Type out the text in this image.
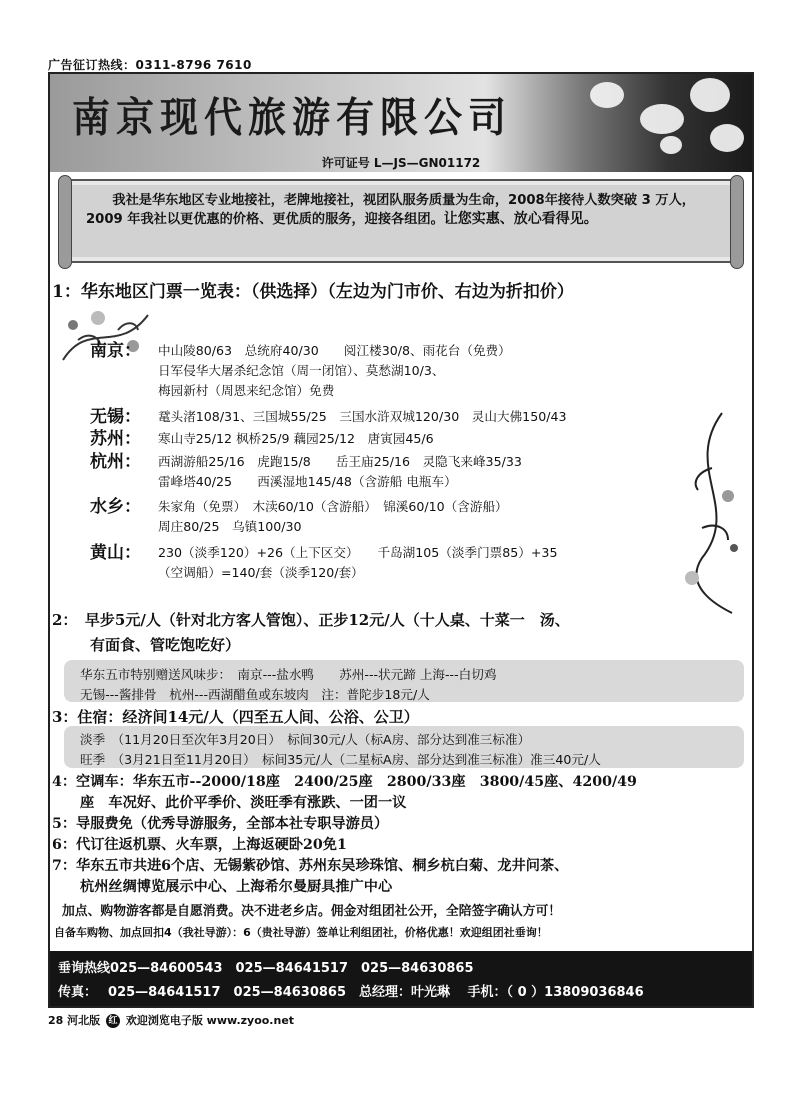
广告征订热线：0311-8796 7610
南京现代旅游有限公司
许可证号 L—JS—GN01172
我社是华东地区专业地接社，老牌地接社，视团队服务质量为生命，2008年接待人数突破 3 万人，2009 年我社以更优惠的价格、更优质的服务，迎接各组团。让您实惠、放心看得见。
1：华东地区门票一览表：（供选择）（左边为门市价、右边为折扣价）
南京： 中山陵80/63　总统府40/30　　阅江楼30/8、雨花台（免费）
日军侵华大屠杀纪念馆（周一闭馆）、莫愁湖10/3、
梅园新村（周恩来纪念馆）免费
无锡： 鼋头渚108/31、三国城55/25　三国水浒双城120/30　灵山大佛150/43
苏州： 寒山寺25/12 枫桥25/9 藕园25/12　唐寅园45/6
杭州： 西湖游船25/16　虎跑15/8　　岳王庙25/16　灵隐飞来峰35/33
雷峰塔40/25　　西溪湿地145/48（含游船 电瓶车）
水乡： 朱家角（免票）　木渎60/10（含游船）　锦溪60/10（含游船）
周庄80/25　乌镇100/30
黄山： 230（淡季120）+26（上下区交）　　千岛湖105（淡季门票85）+35
（空调船）=140/套（淡季120/套）
2：　早步5元/人（针对北方客人管饱）、正步12元/人（十人桌、十菜一　汤、
有面食、管吃饱吃好）
华东五市特别赠送风味步：　南京---盐水鸭　　苏州---状元蹄 上海---白切鸡
无锡---酱排骨　杭州---西湖醋鱼或东坡肉　注：普陀步18元/人
3：住宿：经济间14元/人（四至五人间、公浴、公卫）
淡季　（11月20日至次年3月20日）　标间30元/人（标A房、部分达到准三标准）
旺季　（3月21日至11月20日）　标间35元/人（二星标A房、部分达到准三标准）准三40元/人
4：空调车：华东五市--2000/18座　2400/25座　2800/33座　3800/45座、4200/49
座　车况好、此价平季价、淡旺季有涨跌、一团一议
5：导服费免（优秀导游服务，全部本社专职导游员）
6：代订往返机票、火车票，上海返硬卧20免1
7：华东五市共进6个店、无锡紫砂馆、苏州东吴珍珠馆、桐乡杭白菊、龙井问茶、
杭州丝绸博览展示中心、上海希尔曼厨具推广中心
加点、购物游客都是自愿消费。决不进老乡店。佣金对组团社公开，全陪签字确认方可！
自备车购物、加点回扣4（我社导游）：6（贵社导游）签单让利组团社，价格优惠！欢迎组团社垂询！
垂询热线025—84600543　025—84641517　025—84630865
传真：　 025—84641517　025—84630865　总经理：叶光琳　 手机：（ 0 ）13809036846
28 河北版 红 欢迎浏览电子版 www.zyoo.net
